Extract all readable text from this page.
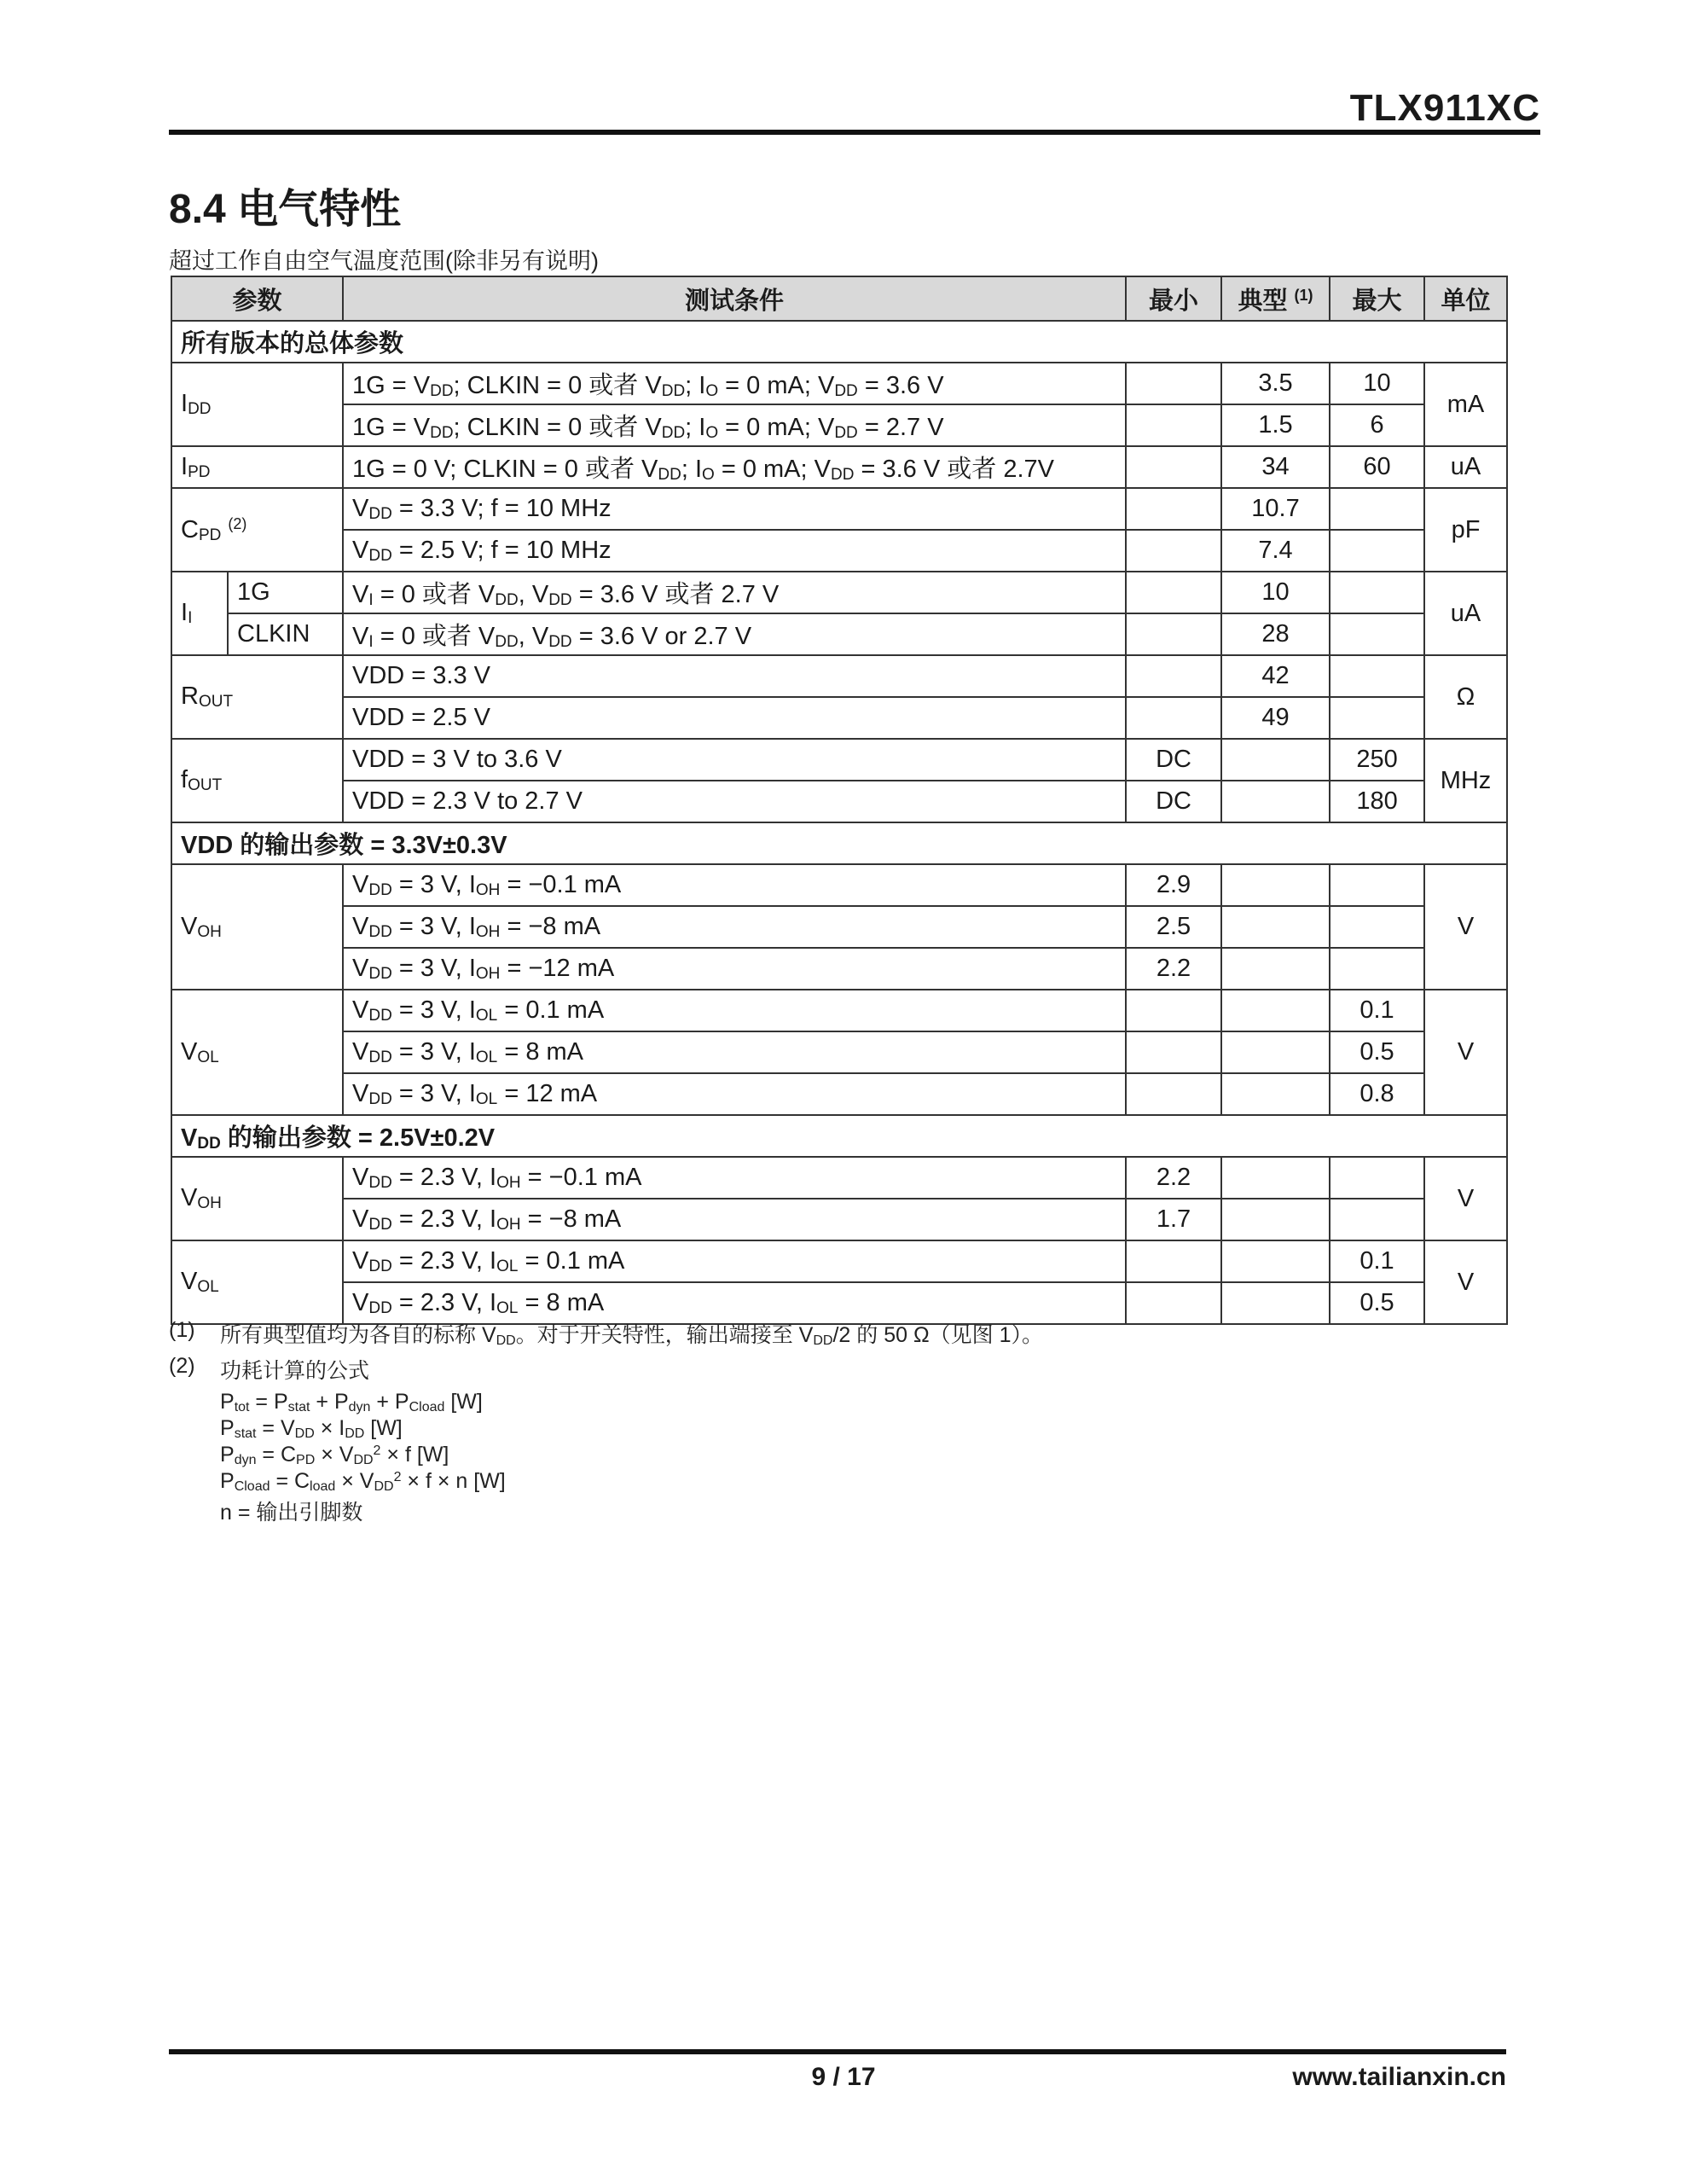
TLX911XC
8.4 电气特性
超过工作自由空气温度范围(除非另有说明)
参数		测试条件	最小	典型 $^{(1)}$	最大	单位
所有版本的总体参数						
$I_{DD}$		$1G = V_{DD}$; CLKIN = 0 或者 $V_{DD}$; $I_O = 0$ mA; $V_{DD} = 3.6$ V		3.5	10	mA
		$1G = V_{DD}$; CLKIN = 0 或者 $V_{DD}$; $I_O = 0$ mA; $V_{DD} = 2.7$ V		1.5	6	
$I_{PD}$		1G = 0 V; CLKIN = 0 或者 $V_{DD}$; $I_O = 0$ mA; $V_{DD} = 3.6$ V 或者 2.7V		34	60	uA
$C_{PD}$ $^{(2)}$		$V_{DD} = 3.3$ V; f = 10 MHz		10.7		pF
		$V_{DD} = 2.5$ V; f = 10 MHz		7.4		
$I_I$	1G	$V_I = 0$ 或者 $V_{DD}$, $V_{DD} = 3.6$ V 或者 2.7 V		10		uA
	CLKIN	$V_I = 0$ 或者 $V_{DD}$, $V_{DD} = 3.6$ V or 2.7 V		28		
$R_{OUT}$		VDD = 3.3 V		42		Ω
		VDD = 2.5 V		49		
$f_{OUT}$		VDD = 3 V to 3.6 V	DC		250	MHz
		VDD = 2.3 V to 2.7 V	DC		180	
VDD 的输出参数 = 3.3V±0.3V						
$V_{OH}$		$V_{DD} = 3$ V, $I_{OH} = -0.1$ mA	2.9			V
		$V_{DD} = 3$ V, $I_{OH} = -8$ mA	2.5			
		$V_{DD} = 3$ V, $I_{OH} = -12$ mA	2.2			
$V_{OL}$		$V_{DD} = 3$ V, $I_{OL} = 0.1$ mA			0.1	V
		$V_{DD} = 3$ V, $I_{OL} = 8$ mA			0.5	
		$V_{DD} = 3$ V, $I_{OL} = 12$ mA			0.8	
$V_{DD}$ 的输出参数 = 2.5V±0.2V						
$V_{OH}$		$V_{DD} = 2.3$ V, $I_{OH} = -0.1$ mA	2.2			V
		$V_{DD} = 2.3$ V, $I_{OH} = -8$ mA	1.7			
$V_{OL}$		$V_{DD} = 2.3$ V, $I_{OL} = 0.1$ mA			0.1	V
		$V_{DD} = 2.3$ V, $I_{OL} = 8$ mA			0.5	
(1) 所有典型值均为各自的标称 $V_{DD}$。对于开关特性，输出端接至 $V_{DD}/2$ 的 50 Ω（见图 1）。
(2) 功耗计算的公式
$P_{tot} = P_{stat} + P_{dyn} + P_{Cload}$ [W]
$P_{stat} = V_{DD} \times I_{DD}$ [W]
$P_{dyn} = C_{PD} \times V_{DD}^2 \times f$ [W]
$P_{Cload} = C_{load} \times V_{DD}^2 \times f \times n$ [W]
n = 输出引脚数
9 / 17	www.tailianxin.cn
